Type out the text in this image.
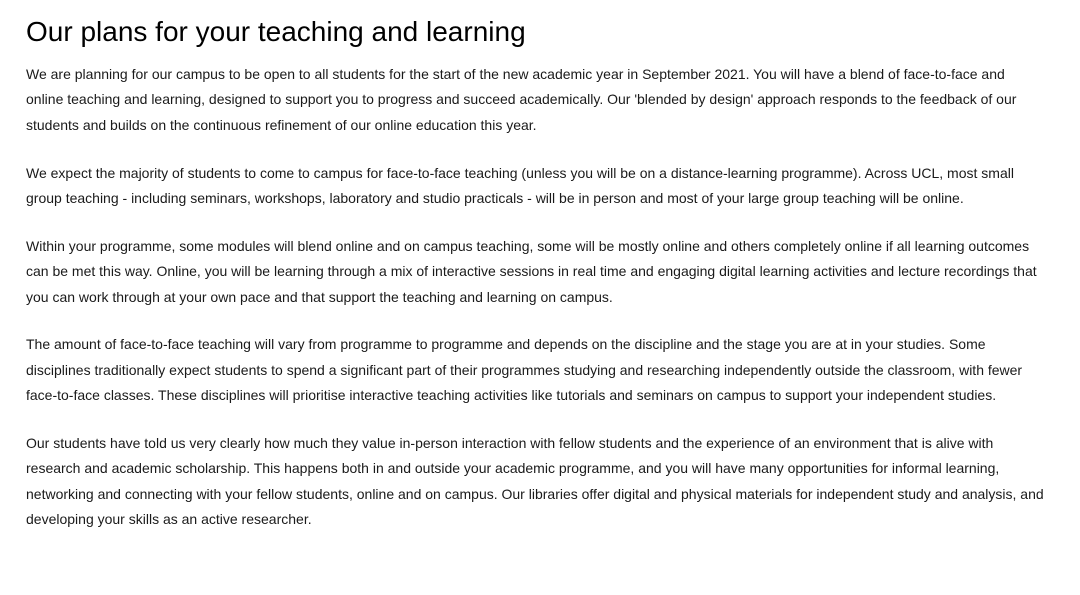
Our plans for your teaching and learning

We are planning for our campus to be open to all students for the start of the new academic year in September 2021. You will have a blend of face-to-face and online teaching and learning, designed to support you to progress and succeed academically. Our 'blended by design' approach responds to the feedback of our students and builds on the continuous refinement of our online education this year.

We expect the majority of students to come to campus for face-to-face teaching (unless you will be on a distance-learning programme). Across UCL, most small group teaching - including seminars, workshops, laboratory and studio practicals - will be in person and most of your large group teaching will be online.

Within your programme, some modules will blend online and on campus teaching, some will be mostly online and others completely online if all learning outcomes can be met this way. Online, you will be learning through a mix of interactive sessions in real time and engaging digital learning activities and lecture recordings that you can work through at your own pace and that support the teaching and learning on campus.

The amount of face-to-face teaching will vary from programme to programme and depends on the discipline and the stage you are at in your studies. Some disciplines traditionally expect students to spend a significant part of their programmes studying and researching independently outside the classroom, with fewer face-to-face classes. These disciplines will prioritise interactive teaching activities like tutorials and seminars on campus to support your independent studies.

Our students have told us very clearly how much they value in-person interaction with fellow students and the experience of an environment that is alive with research and academic scholarship. This happens both in and outside your academic programme, and you will have many opportunities for informal learning, networking and connecting with your fellow students, online and on campus. Our libraries offer digital and physical materials for independent study and analysis, and developing your skills as an active researcher.
